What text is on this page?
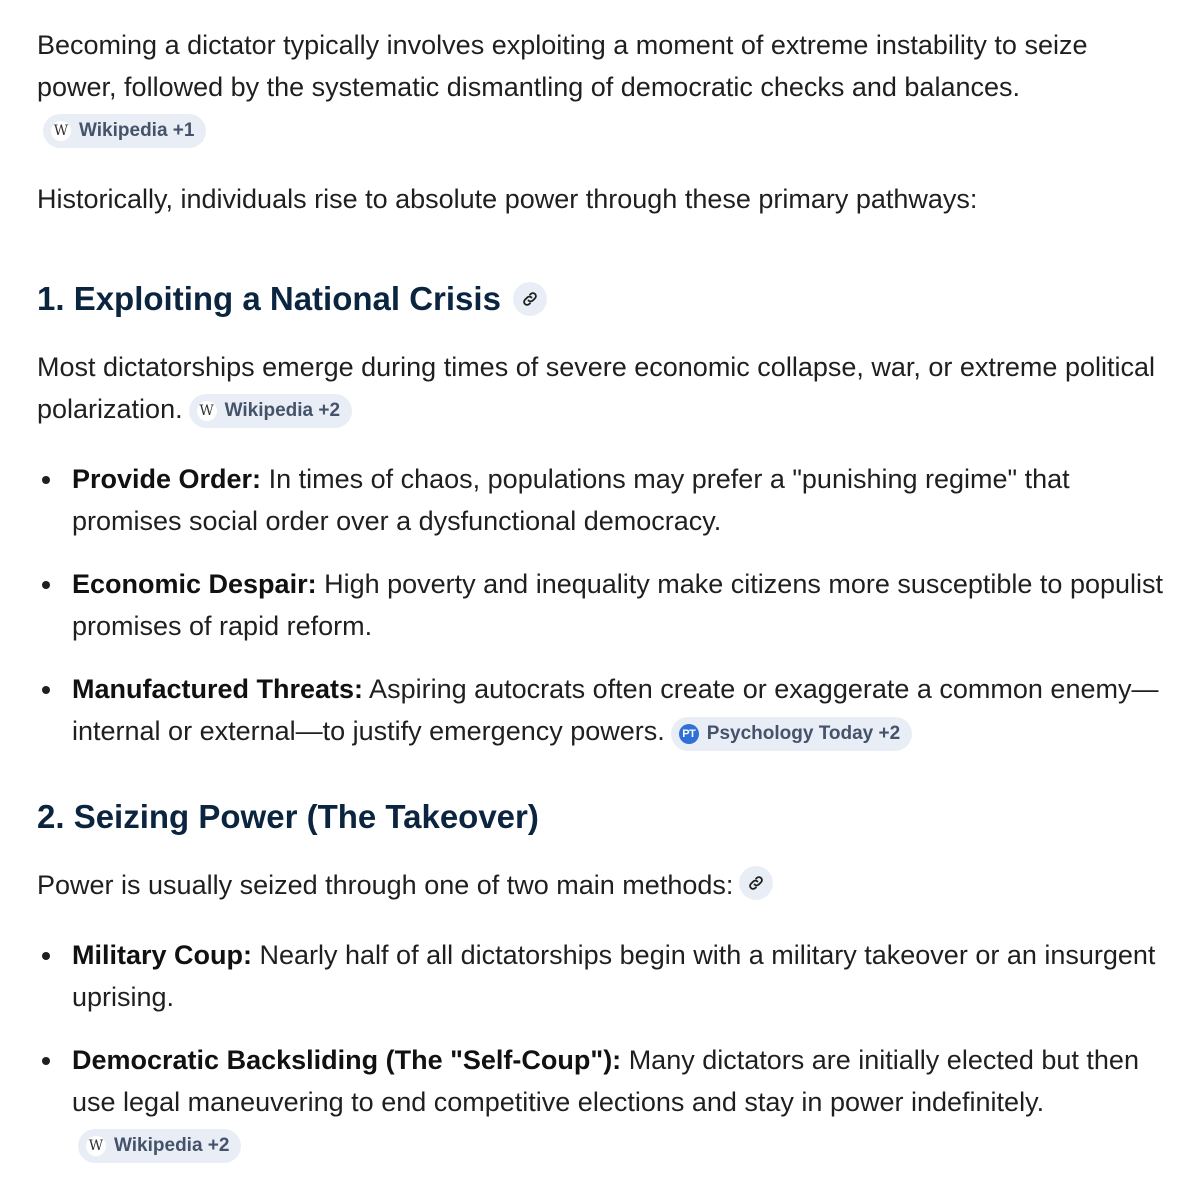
Becoming a dictator typically involves exploiting a moment of extreme instability to seize power, followed by the systematic dismantling of democratic checks and balances.
W Wikipedia +1

Historically, individuals rise to absolute power through these primary pathways:

1. Exploiting a National Crisis

Most dictatorships emerge during times of severe economic collapse, war, or extreme political polarization. W Wikipedia +2

Provide Order: In times of chaos, populations may prefer a "punishing regime" that promises social order over a dysfunctional democracy.
Economic Despair: High poverty and inequality make citizens more susceptible to populist promises of rapid reform.
Manufactured Threats: Aspiring autocrats often create or exaggerate a common enemy—internal or external—to justify emergency powers.	PT Psychology Today +2
2. Seizing Power (The Takeover)

Power is usually seized through one of two main methods:

Military Coup: Nearly half of all dictatorships begin with a military takeover or an insurgent uprising.
Democratic Backsliding (The "Self-Coup"): Many dictators are initially elected but then use legal maneuvering to end competitive elections and stay in power indefinitely.
W Wikipedia +2
